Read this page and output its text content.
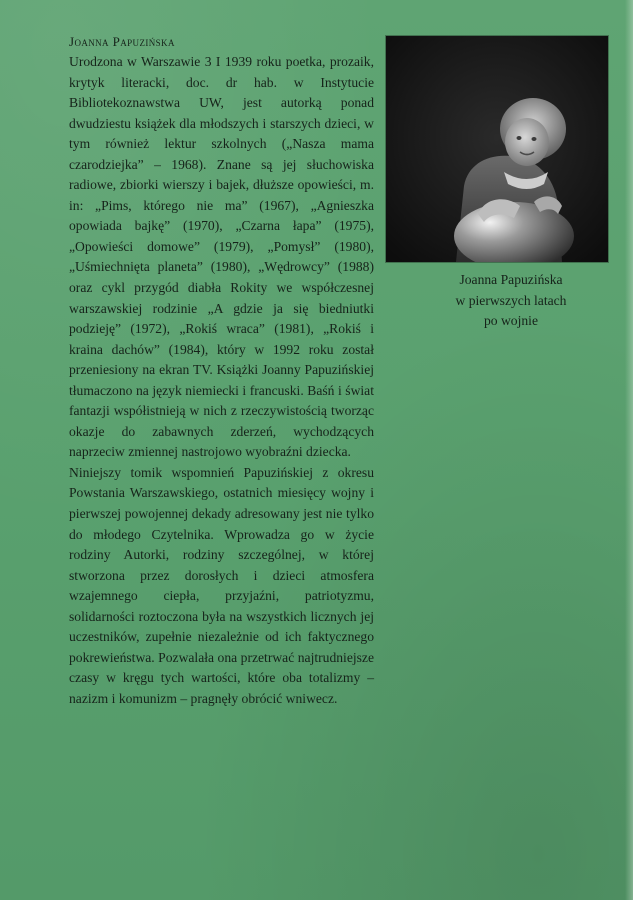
Joanna Papuzińska

Urodzona w Warszawie 3 I 1939 roku poetka, prozaik, krytyk literacki, doc. dr hab. w Instytucie Bibliotekoznawstwa UW, jest autorką ponad dwudziestu książek dla młodszych i starszych dzieci, w tym również lektur szkolnych („Nasza mama czarodziejka” – 1968). Znane są jej słuchowiska radiowe, zbiorki wierszy i bajek, dłuższe opowieści, m. in: „Pims, którego nie ma” (1967), „Agnieszka opowiada bajkę” (1970), „Czarna łapa” (1975), „Opowieści domowe” (1979), „Pomysł” (1980), „Uśmiechnięta planeta” (1980), „Wędrowcy” (1988) oraz cykl przygód diabła Rokity we współczesnej warszawskiej rodzinie „A gdzie ja się biedniutki podzieję” (1972), „Rokiś wraca” (1981), „Rokiś i kraina dachów” (1984), który w 1992 roku został przeniesiony na ekran TV. Książki Joanny Papuzińskiej tłumaczono na język niemiecki i francuski. Baśń i świat fantazji współistnieją w nich z rzeczywistością tworząc okazje do zabawnych zderzeń, wychodzących naprzeciw zmiennej nastrojowo wyobraźni dziecka.

Niniejszy tomik wspomnień Papuzińskiej z okresu Powstania Warszawskiego, ostatnich miesięcy wojny i pierwszej powojennej dekady adresowany jest nie tylko do młodego Czytelnika. Wprowadza go w życie rodziny Autorki, rodziny szczególnej, w której stworzona przez dorosłych i dzieci atmosfera wzajemnego ciepła, przyjaźni, patriotyzmu, solidarności roztoczona była na wszystkich licznych jej uczestników, zupełnie niezależnie od ich faktycznego pokrewieństwa. Pozwalała ona przetrwać najtrudniejsze czasy w kręgu tych wartości, które oba totalizmy – nazizm i komunizm – pragnęły obrócić wniwecz.

Joanna Papuzińska
w pierwszych latach
po wojnie
